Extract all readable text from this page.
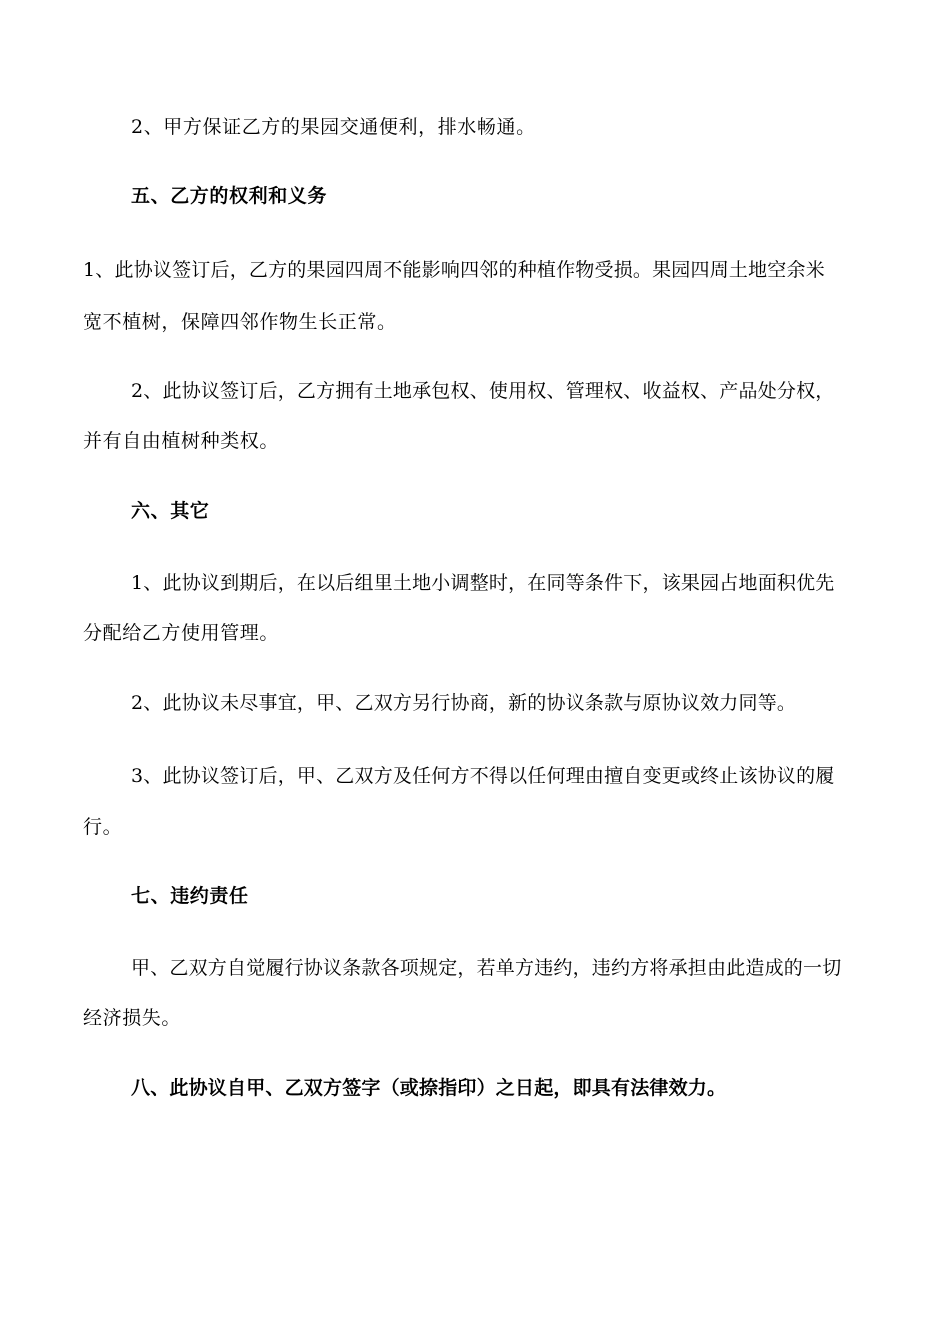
2、甲方保证乙方的果园交通便利，排水畅通。
五、乙方的权利和义务
1、此协议签订后，乙方的果园四周不能影响四邻的种植作物受损。果园四周土地空余米
宽不植树，保障四邻作物生长正常。
2、此协议签订后，乙方拥有土地承包权、使用权、管理权、收益权、产品处分权，
并有自由植树种类权。
六、其它
1、此协议到期后，在以后组里土地小调整时，在同等条件下，该果园占地面积优先
分配给乙方使用管理。
2、此协议未尽事宜，甲、乙双方另行协商，新的协议条款与原协议效力同等。
3、此协议签订后，甲、乙双方及任何方不得以任何理由擅自变更或终止该协议的履
行。
七、违约责任
甲、乙双方自觉履行协议条款各项规定，若单方违约，违约方将承担由此造成的一切
经济损失。
八、此协议自甲、乙双方签字（或捺指印）之日起，即具有法律效力。
